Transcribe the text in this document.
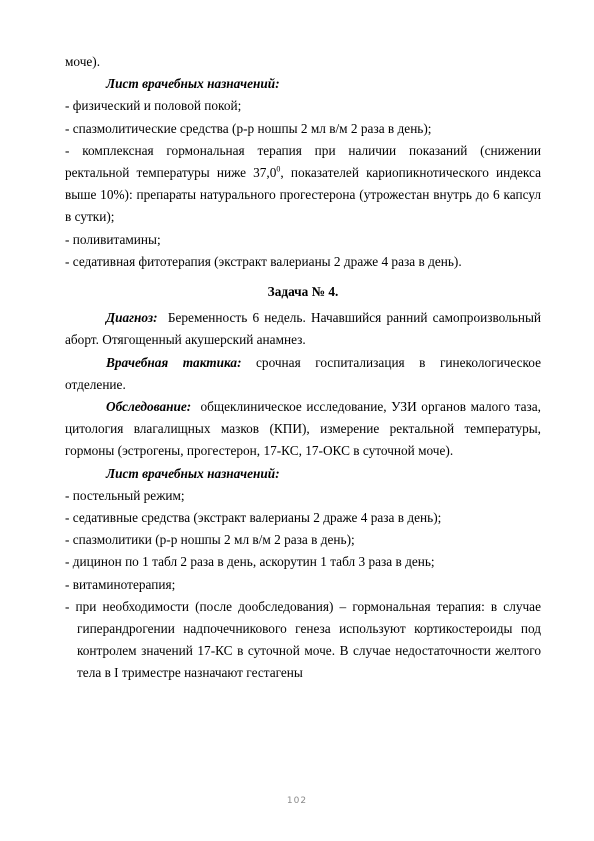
моче).

Лист врачебных назначений:

- физический и половой покой;

- спазмолитические средства (р-р ношпы 2 мл в/м 2 раза в день);

- комплексная гормональная терапия при наличии показаний (снижении ректальной температуры ниже 37,0$^0$, показателей кариопикнотического индекса выше 10%): препараты натурального прогестерона (утрожестан внутрь до 6 капсул в сутки);

- поливитамины;

- седативная фитотерапия (экстракт валерианы 2 драже 4 раза в день).

Задача № 4.

Диагноз: Беременность 6 недель. Начавшийся ранний самопроизвольный аборт. Отягощенный акушерский анамнез.

Врачебная тактика: срочная госпитализация в гинекологическое отделение.

Обследование: общеклиническое исследование, УЗИ органов малого таза, цитология влагалищных мазков (КПИ), измерение ректальной температуры, гормоны (эстрогены, прогестерон, 17-КС, 17-ОКС в суточной моче).

Лист врачебных назначений:

- постельный режим;

- седативные средства (экстракт валерианы 2 драже 4 раза в день);

- спазмолитики (р-р ношпы 2 мл в/м 2 раза в день);

- дицинон по 1 табл 2 раза в день, аскорутин 1 табл 3 раза в день;

- витаминотерапия;

- при необходимости (после дообследования) – гормональная терапия: в случае гиперандрогении надпочечникового генеза используют кортикостероиды под контролем значений 17-КС в суточной моче. В случае недостаточности желтого тела в I триместре назначают гестагены

102
